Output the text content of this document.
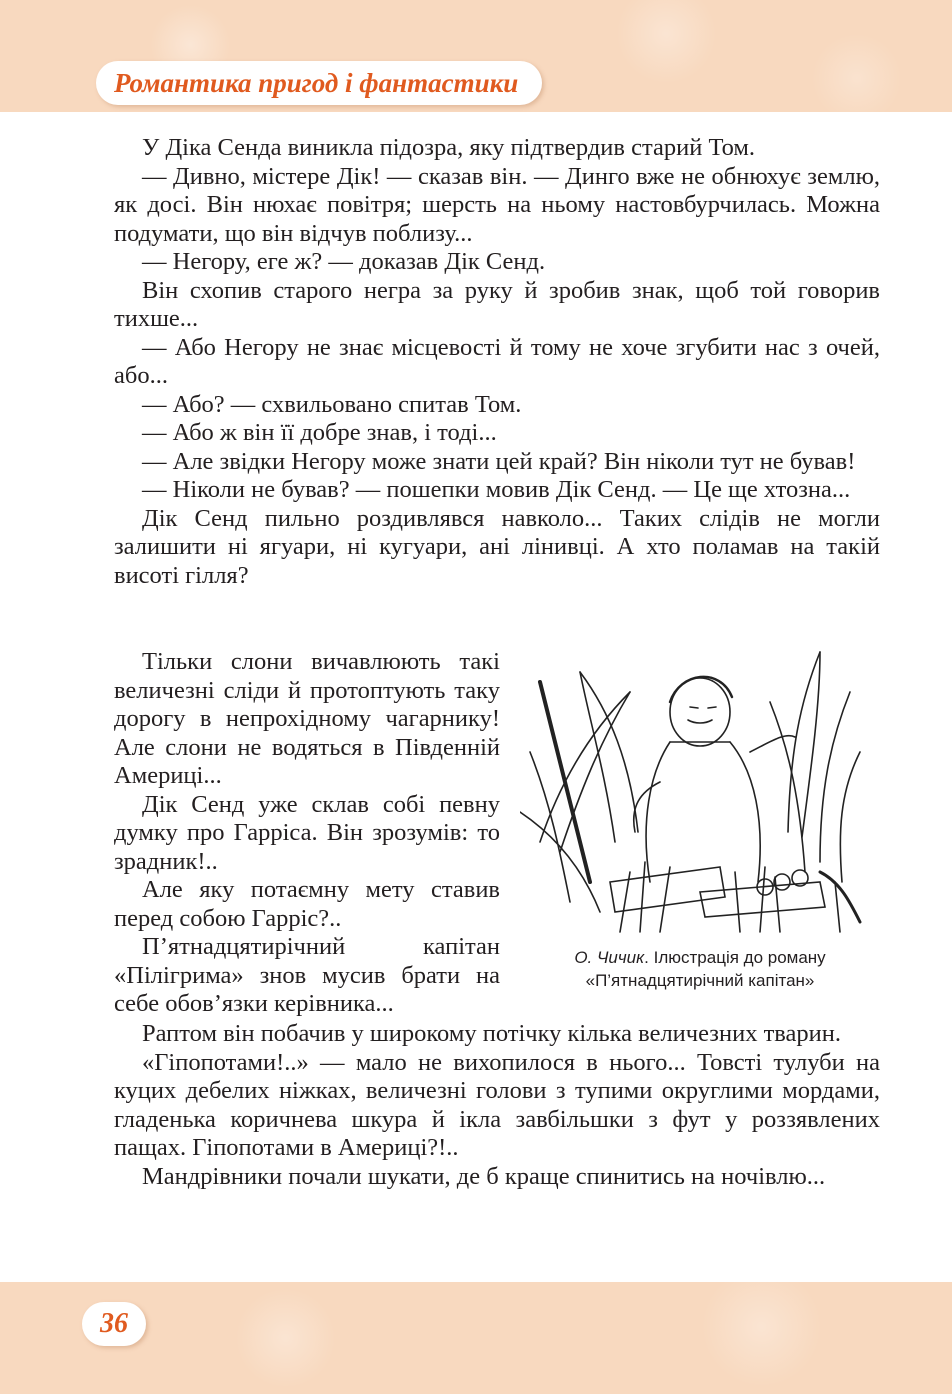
Романтика пригод і фантастики

У Діка Сенда виникла підозра, яку підтвердив старий Том.

— Дивно, містере Дік! — сказав він. — Динго вже не обнюхує землю, як досі. Він нюхає повітря; шерсть на ньому настовбурчилась. Можна подумати, що він відчув поблизу...

— Негору, еге ж? — доказав Дік Сенд.

Він схопив старого негра за руку й зробив знак, щоб той говорив тихше...

— Або Негору не знає місцевості й тому не хоче згубити нас з очей, або...

— Або? — схвильовано спитав Том.

— Або ж він її добре знав, і тоді...

— Але звідки Негору може знати цей край? Він ніколи тут не бував!

— Ніколи не бував? — пошепки мовив Дік Сенд. — Це ще хтозна...

Дік Сенд пильно роздивлявся навколо... Таких слідів не могли залишити ні ягуари, ні кугуари, ані лінивці. А хто поламав на такій висоті гілля?

Тільки слони вичавлюють такі величезні сліди й протоптують таку дорогу в непрохідному чагарнику! Але слони не водяться в Південній Америці...

Дік Сенд уже склав собі певну думку про Гарріса. Він зрозумів: то зрадник!..

Але яку потаємну мету ставив перед собою Гарріс?..

П’ятнадцятирічний капітан «Пілігрима» знов мусив брати на себе обов’язки керівника...

О. Чичик. Ілюстрація до роману
«П’ятнадцятирічний капітан»

Раптом він побачив у широкому потічку кілька величезних тварин.

«Гіпопотами!..» — мало не вихопилося в нього... Товсті тулуби на куцих дебелих ніжках, величезні голови з тупими округлими мордами, гладенька коричнева шкура й ікла завбільшки з фут у роззявлених пащах. Гіпопотами в Америці?!..

Мандрівники почали шукати, де б краще спинитись на ночівлю...

36
